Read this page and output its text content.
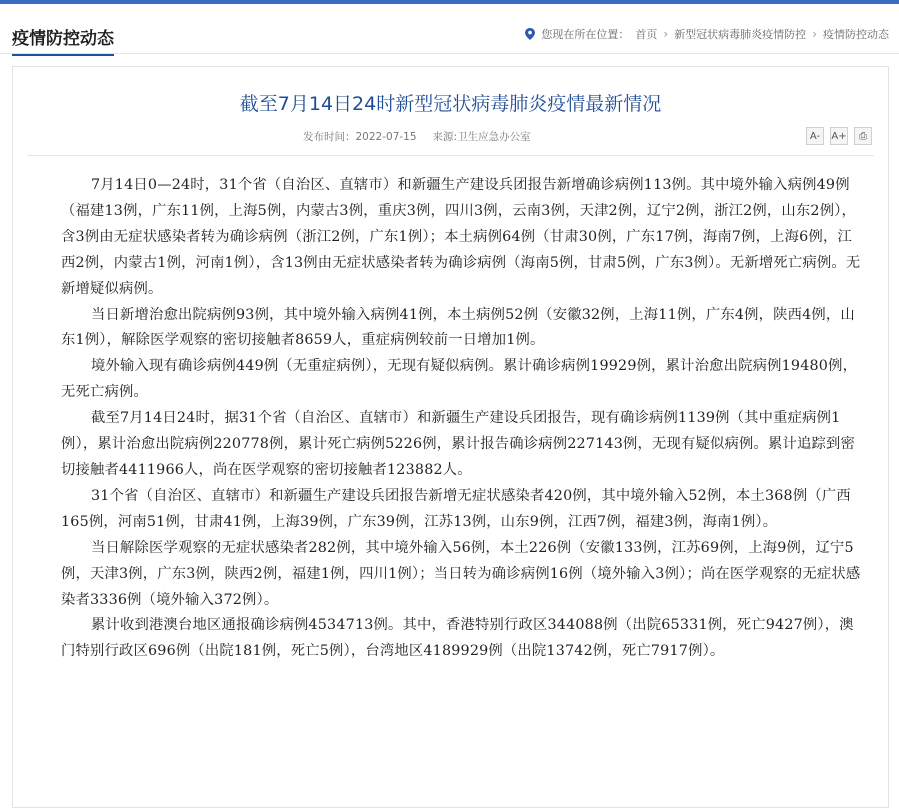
疫情防控动态	您现在所在位置： 首页 › 新型冠状病毒肺炎疫情防控 › 疫情防控动态
截至7月14日24时新型冠状病毒肺炎疫情最新情况
发布时间：2022-07-15 来源:卫生应急办公室	A-	A+	⎙

7月14日0—24时，31个省（自治区、直辖市）和新疆生产建设兵团报告新增确诊病例113例。其中境外输入病例49例（福建13例，广东11例，上海5例，内蒙古3例，重庆3例，四川3例，云南3例，天津2例，辽宁2例，浙江2例，山东2例），含3例由无症状感染者转为确诊病例（浙江2例，广东1例）；本土病例64例（甘肃30例，广东17例，海南7例，上海6例，江西2例，内蒙古1例，河南1例），含13例由无症状感染者转为确诊病例（海南5例，甘肃5例，广东3例）。无新增死亡病例。无新增疑似病例。

当日新增治愈出院病例93例，其中境外输入病例41例，本土病例52例（安徽32例，上海11例，广东4例，陕西4例，山东1例），解除医学观察的密切接触者8659人，重症病例较前一日增加1例。

境外输入现有确诊病例449例（无重症病例），无现有疑似病例。累计确诊病例19929例，累计治愈出院病例19480例，无死亡病例。

截至7月14日24时，据31个省（自治区、直辖市）和新疆生产建设兵团报告，现有确诊病例1139例（其中重症病例1例），累计治愈出院病例220778例，累计死亡病例5226例，累计报告确诊病例227143例，无现有疑似病例。累计追踪到密切接触者4411966人，尚在医学观察的密切接触者123882人。

31个省（自治区、直辖市）和新疆生产建设兵团报告新增无症状感染者420例，其中境外输入52例，本土368例（广西165例，河南51例，甘肃41例，上海39例，广东39例，江苏13例，山东9例，江西7例，福建3例，海南1例）。

当日解除医学观察的无症状感染者282例，其中境外输入56例，本土226例（安徽133例，江苏69例，上海9例，辽宁5例，天津3例，广东3例，陕西2例，福建1例，四川1例）；当日转为确诊病例16例（境外输入3例）；尚在医学观察的无症状感染者3336例（境外输入372例）。

累计收到港澳台地区通报确诊病例4534713例。其中，香港特别行政区344088例（出院65331例，死亡9427例），澳门特别行政区696例（出院181例，死亡5例），台湾地区4189929例（出院13742例，死亡7917例）。
